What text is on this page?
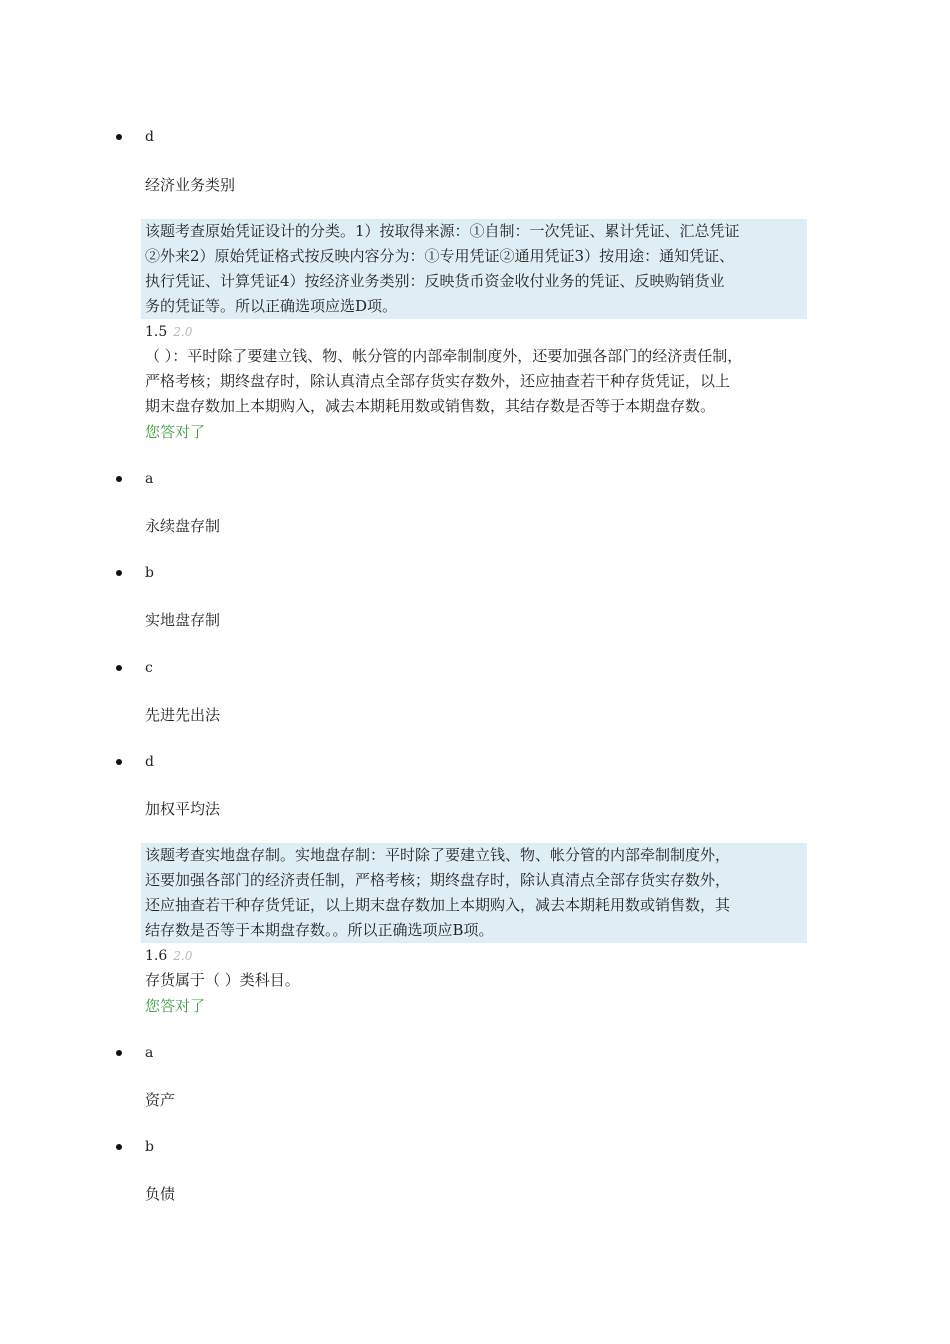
d
经济业务类别
该题考查原始凭证设计的分类。1）按取得来源：①自制：一次凭证、累计凭证、汇总凭证
②外来2）原始凭证格式按反映内容分为：①专用凭证②通用凭证3）按用途：通知凭证、
执行凭证、计算凭证4）按经济业务类别：反映货币资金收付业务的凭证、反映购销货业
务的凭证等。所以正确选项应选D项。
1.5 2.0
（ ）：平时除了要建立钱、物、帐分管的内部牵制制度外，还要加强各部门的经济责任制，
严格考核；期终盘存时，除认真清点全部存货实存数外，还应抽查若干种存货凭证，以上
期末盘存数加上本期购入，减去本期耗用数或销售数，其结存数是否等于本期盘存数。
您答对了
a
永续盘存制
b
实地盘存制
c
先进先出法
d
加权平均法
该题考查实地盘存制。实地盘存制：平时除了要建立钱、物、帐分管的内部牵制制度外，
还要加强各部门的经济责任制，严格考核；期终盘存时，除认真清点全部存货实存数外，
还应抽查若干种存货凭证，以上期末盘存数加上本期购入，减去本期耗用数或销售数，其
结存数是否等于本期盘存数。。所以正确选项应B项。
1.6 2.0
存货属于（ ）类科目。
您答对了
a
资产
b
负债
